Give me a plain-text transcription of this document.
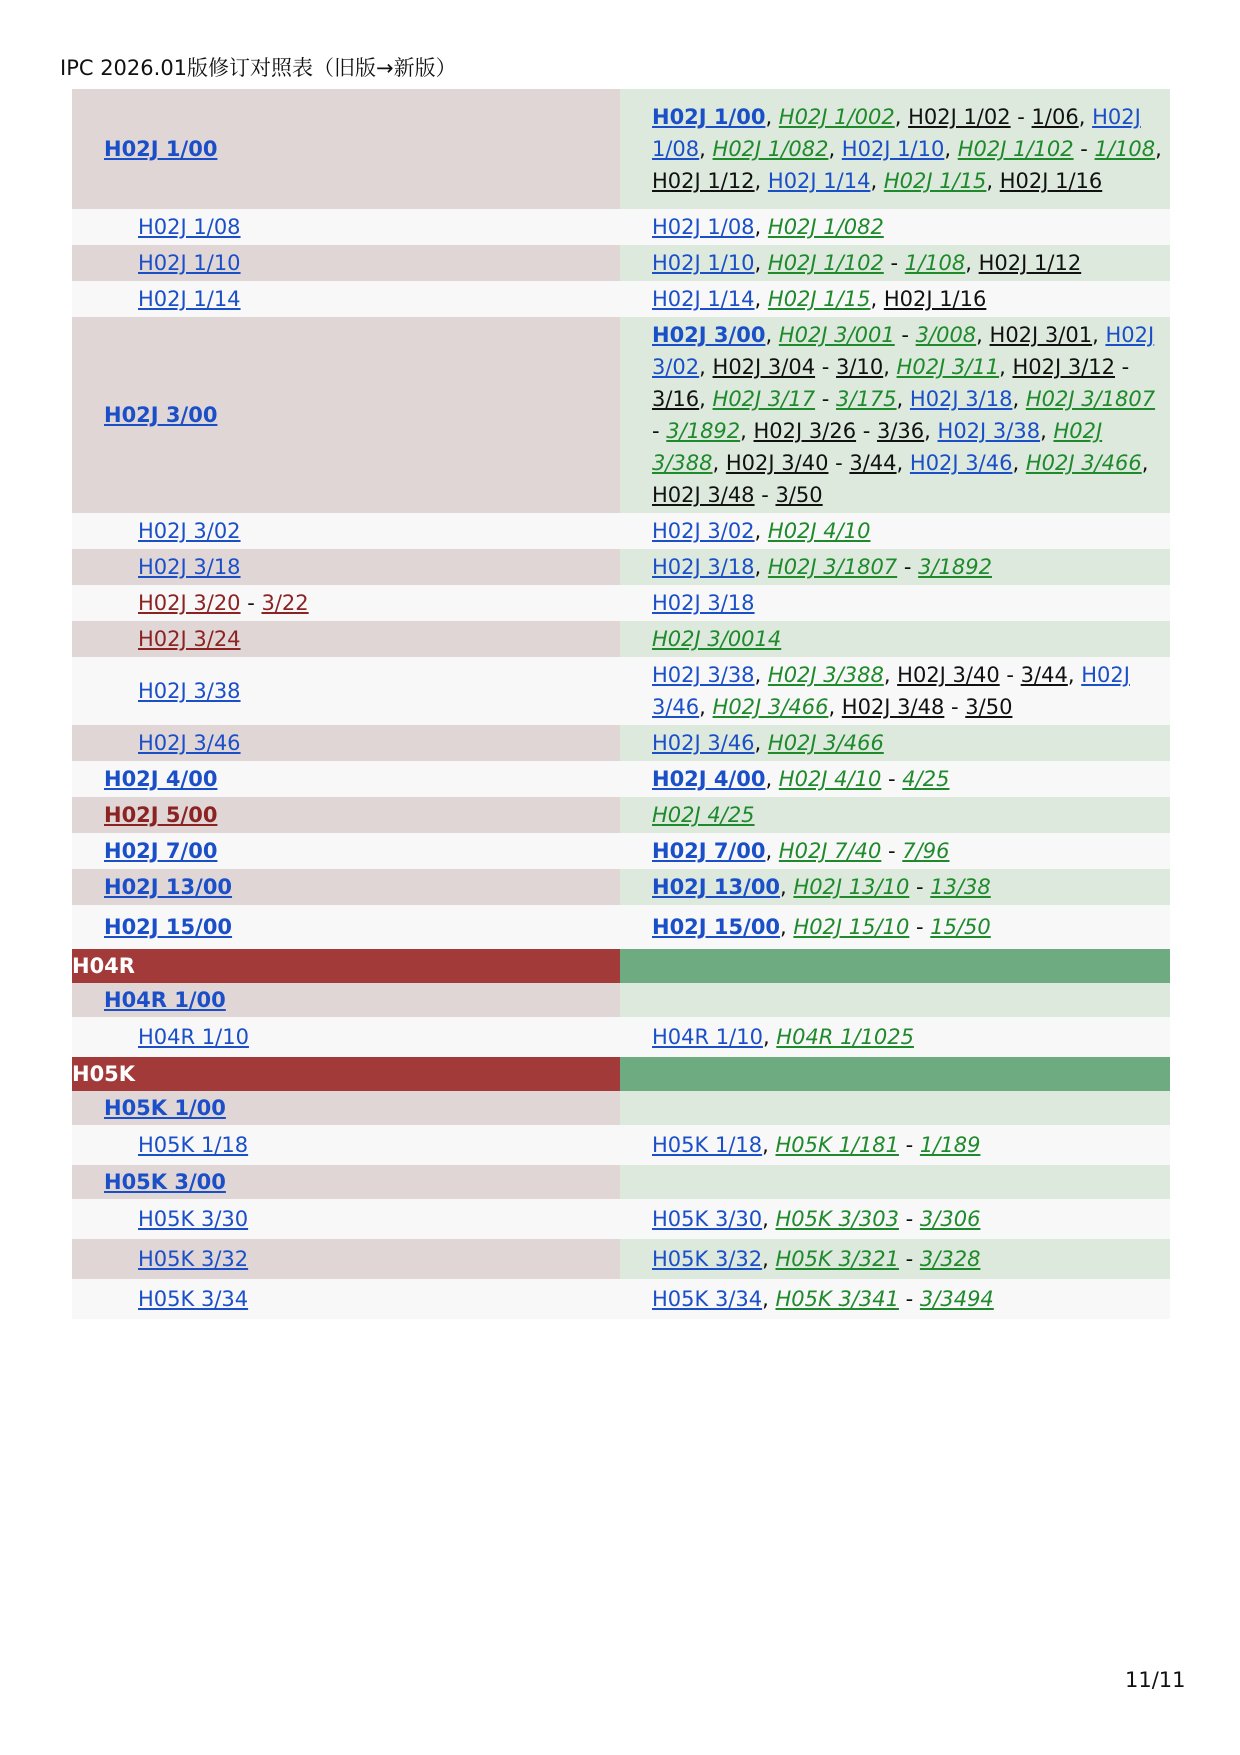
IPC 2026.01版修订对照表（旧版→新版）
H02J 1/00	H02J 1/00, H02J 1/002, H02J 1/02 - 1/06, H02J 1/08, H02J 1/082, H02J 1/10, H02J 1/102 - 1/108, H02J 1/12, H02J 1/14, H02J 1/15, H02J 1/16
H02J 1/08	H02J 1/08, H02J 1/082
H02J 1/10	H02J 1/10, H02J 1/102 - 1/108, H02J 1/12
H02J 1/14	H02J 1/14, H02J 1/15, H02J 1/16
H02J 3/00	H02J 3/00, H02J 3/001 - 3/008, H02J 3/01, H02J 3/02, H02J 3/04 - 3/10, H02J 3/11, H02J 3/12 - 3/16, H02J 3/17 - 3/175, H02J 3/18, H02J 3/1807 - 3/1892, H02J 3/26 - 3/36, H02J 3/38, H02J 3/388, H02J 3/40 - 3/44, H02J 3/46, H02J 3/466, H02J 3/48 - 3/50
H02J 3/02	H02J 3/02, H02J 4/10
H02J 3/18	H02J 3/18, H02J 3/1807 - 3/1892
H02J 3/20 - 3/22	H02J 3/18
H02J 3/24	H02J 3/0014
H02J 3/38	H02J 3/38, H02J 3/388, H02J 3/40 - 3/44, H02J 3/46, H02J 3/466, H02J 3/48 - 3/50
H02J 3/46	H02J 3/46, H02J 3/466
H02J 4/00	H02J 4/00, H02J 4/10 - 4/25
H02J 5/00	H02J 4/25
H02J 7/00	H02J 7/00, H02J 7/40 - 7/96
H02J 13/00	H02J 13/00, H02J 13/10 - 13/38
H02J 15/00	H02J 15/00, H02J 15/10 - 15/50
H04R	
H04R 1/00	
H04R 1/10	H04R 1/10, H04R 1/1025
H05K	
H05K 1/00	
H05K 1/18	H05K 1/18, H05K 1/181 - 1/189
H05K 3/00	
H05K 3/30	H05K 3/30, H05K 3/303 - 3/306
H05K 3/32	H05K 3/32, H05K 3/321 - 3/328
H05K 3/34	H05K 3/34, H05K 3/341 - 3/3494
11/11
